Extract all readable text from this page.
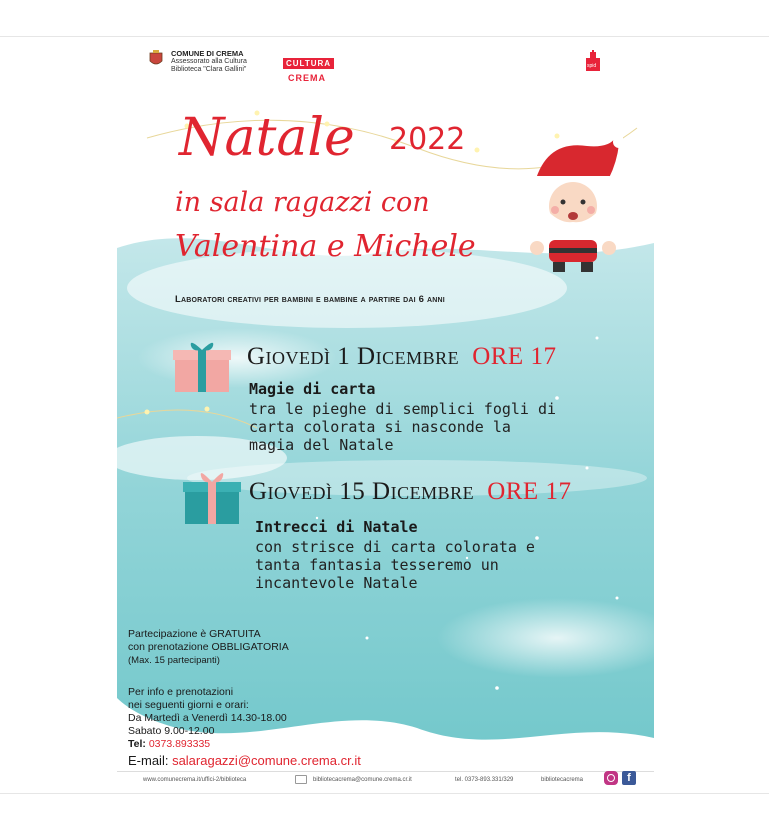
COMUNE DI CREMA
Assessorato alla Cultura
Biblioteca "Clara Gallini"
CULTURA
CREMA
spid
Natale 2022
in sala ragazzi con
Valentina e Michele
Laboratori creativi per bambini e bambine a partire dai 6 anni
Giovedì 1 Dicembre ORE 17
Magie di carta
tra le pieghe di semplici fogli di
carta colorata si nasconde la
magia del Natale
Giovedì 15 Dicembre ORE 17
Intrecci di Natale
con strisce di carta colorata e
tanta fantasia tesseremo un
incantevole Natale
Partecipazione è GRATUITA
con prenotazione OBBLIGATORIA
(Max. 15 partecipanti)
Per info e prenotazioni
nei seguenti giorni e orari:
Da Martedì a Venerdì 14.30-18.00
Sabato 9.00-12.00
Tel: 0373.893335
E-mail: salaragazzi@comune.crema.cr.it
www.comunecrema.it/uffici-2/biblioteca	bibliotecacrema@comune.crema.cr.it	tel. 0373-893.331/329	bibliotecacrema	f
